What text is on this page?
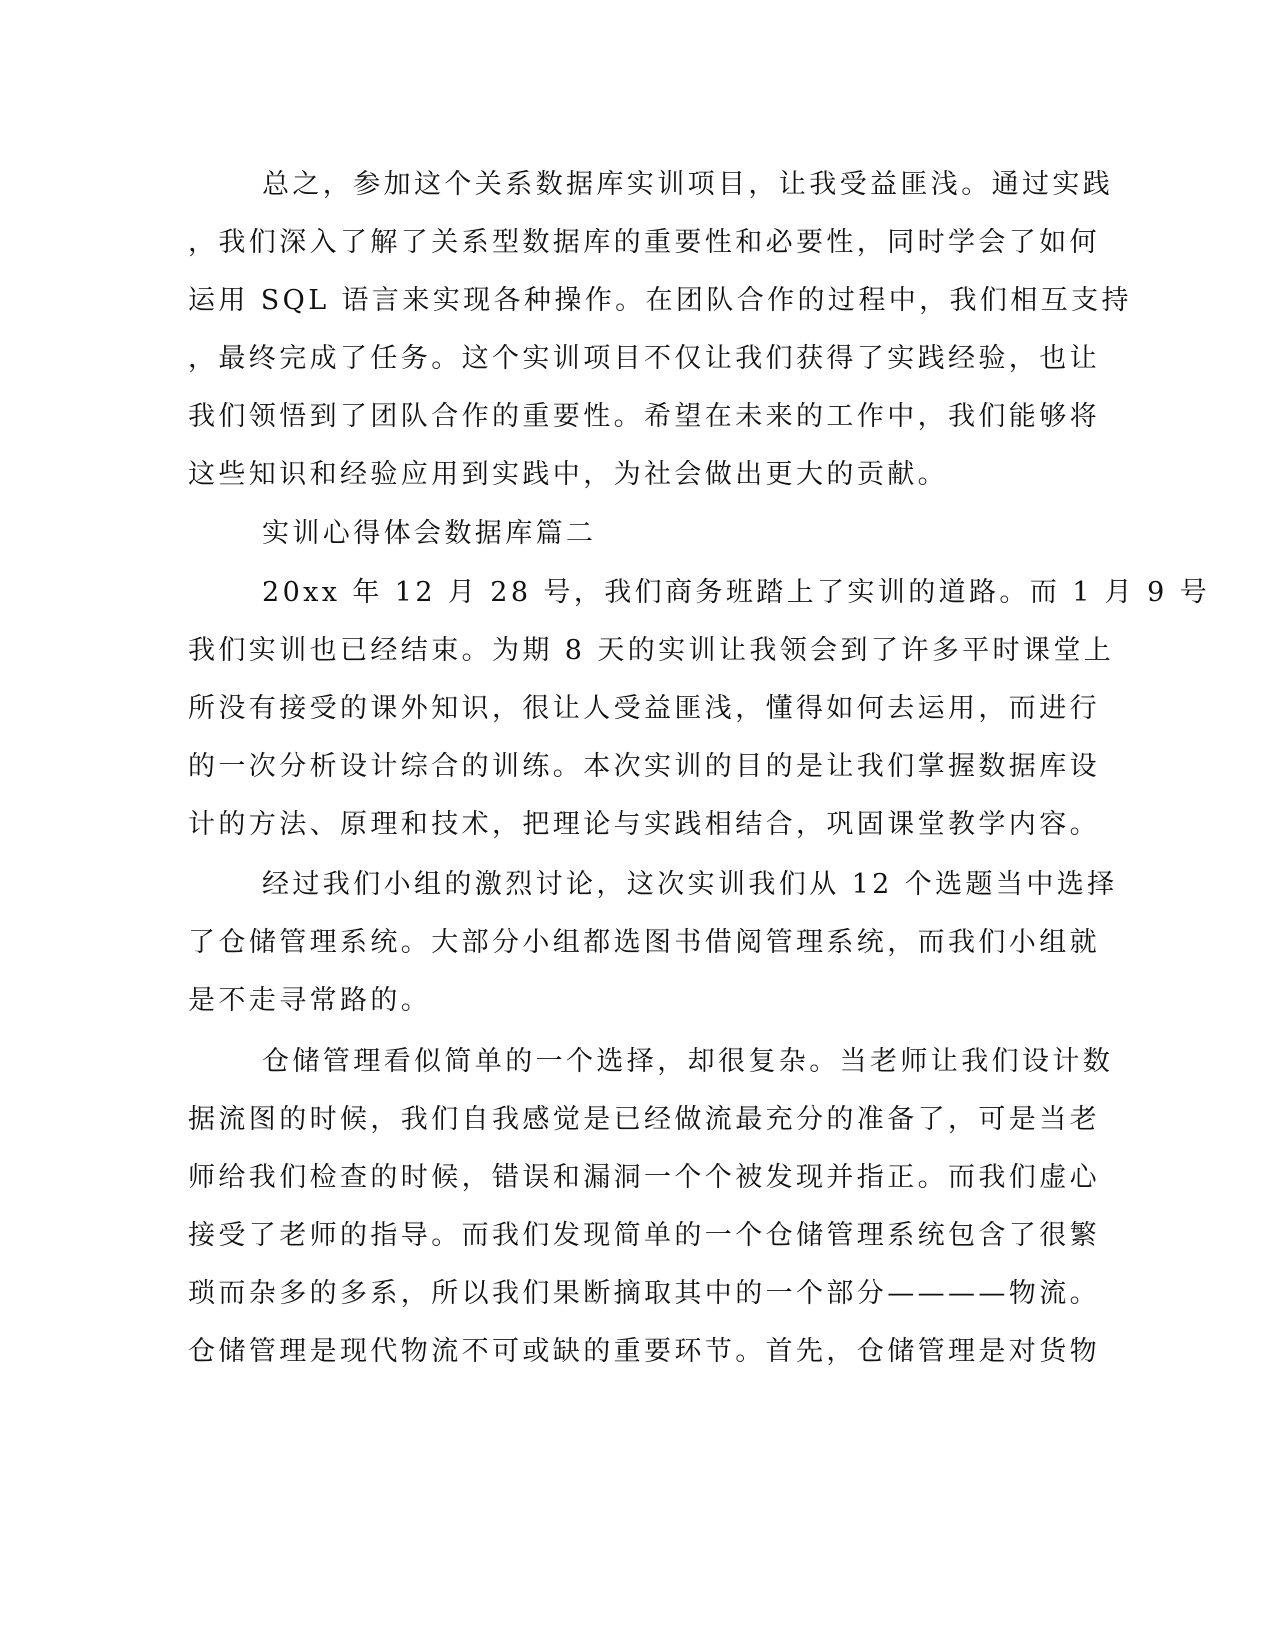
总之，参加这个关系数据库实训项目，让我受益匪浅。通过实践
，我们深入了解了关系型数据库的重要性和必要性，同时学会了如何
运用 SQL 语言来实现各种操作。在团队合作的过程中，我们相互支持
，最终完成了任务。这个实训项目不仅让我们获得了实践经验，也让
我们领悟到了团队合作的重要性。希望在未来的工作中，我们能够将
这些知识和经验应用到实践中，为社会做出更大的贡献。
实训心得体会数据库篇二
20xx 年 12 月 28 号，我们商务班踏上了实训的道路。而 1 月 9 号
我们实训也已经结束。为期 8 天的实训让我领会到了许多平时课堂上
所没有接受的课外知识，很让人受益匪浅，懂得如何去运用，而进行
的一次分析设计综合的训练。本次实训的目的是让我们掌握数据库设
计的方法、原理和技术，把理论与实践相结合，巩固课堂教学内容。
经过我们小组的激烈讨论，这次实训我们从 12 个选题当中选择
了仓储管理系统。大部分小组都选图书借阅管理系统，而我们小组就
是不走寻常路的。
仓储管理看似简单的一个选择，却很复杂。当老师让我们设计数
据流图的时候，我们自我感觉是已经做流最充分的准备了，可是当老
师给我们检查的时候，错误和漏洞一个个被发现并指正。而我们虚心
接受了老师的指导。而我们发现简单的一个仓储管理系统包含了很繁
琐而杂多的多系，所以我们果断摘取其中的一个部分————物流。
仓储管理是现代物流不可或缺的重要环节。首先，仓储管理是对货物
